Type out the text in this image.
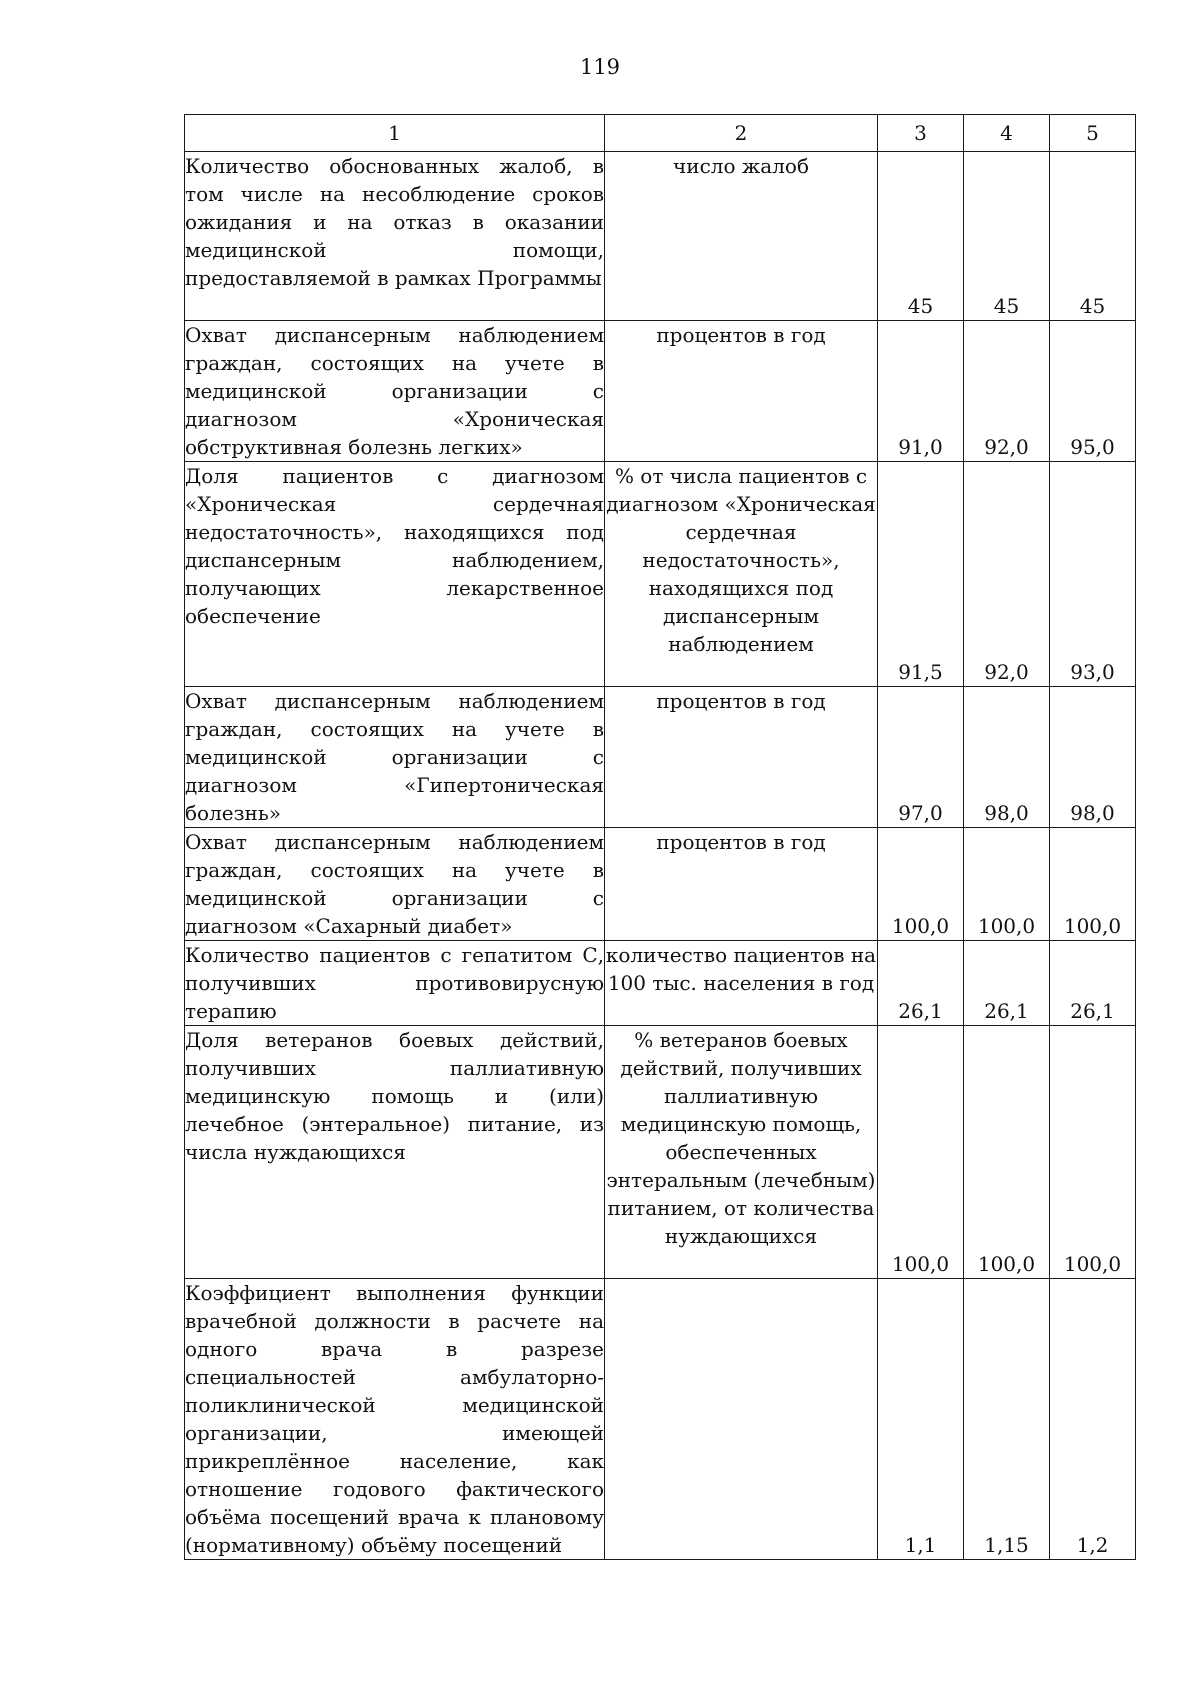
119
1	2	3	4	5
Количество обоснованных жалоб, в том числе на несоблюдение сроков ожидания и на отказ в оказании медицинской помощи, предоставляемой в рамках Программы	число жалоб	45	45	45
Охват диспансерным наблюдением граждан, состоящих на учете в медицинской организации с диагнозом «Хроническая обструктивная болезнь легких»	процентов в год	91,0	92,0	95,0
Доля пациентов с диагнозом «Хроническая сердечная недостаточность», находящихся под диспансерным наблюдением, получающих лекарственное обеспечение	% от числа пациентов с диагнозом «Хроническая сердечная недостаточность», находящихся под диспансерным наблюдением	91,5	92,0	93,0
Охват диспансерным наблюдением граждан, состоящих на учете в медицинской организации с диагнозом «Гипертоническая болезнь»	процентов в год	97,0	98,0	98,0
Охват диспансерным наблюдением граждан, состоящих на учете в медицинской организации с диагнозом «Сахарный диабет»	процентов в год	100,0	100,0	100,0
Количество пациентов с гепатитом С, получивших противовирусную терапию	количество пациентов на 100 тыс. населения в год	26,1	26,1	26,1
Доля ветеранов боевых действий, получивших паллиативную медицинскую помощь и (или) лечебное (энтеральное) питание, из числа нуждающихся	% ветеранов боевых действий, получивших паллиативную медицинскую помощь, обеспеченных энтеральным (лечебным) питанием, от количества нуждающихся	100,0	100,0	100,0
Коэффициент выполнения функции врачебной должности в расчете на одного врача в разрезе специальностей амбулаторно-поликлинической медицинской организации, имеющей прикреплённое население, как отношение годового фактического объёма посещений врача к плановому (нормативному) объёму посещений		1,1	1,15	1,2
